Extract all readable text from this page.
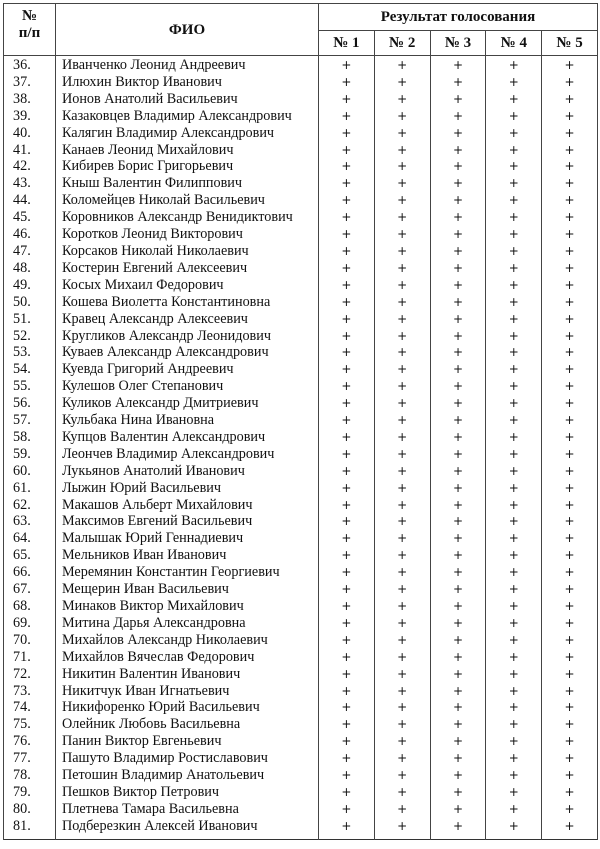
№
п/п	ФИО	Результат голосования				
		№ 1	№ 2	№ 3	№ 4	№ 5
36.	Иванченко Леонид Андреевич	+	+	+	+	+
37.	Илюхин Виктор Иванович	+	+	+	+	+
38.	Ионов Анатолий Васильевич	+	+	+	+	+
39.	Казаковцев Владимир Александрович	+	+	+	+	+
40.	Калягин Владимир Александрович	+	+	+	+	+
41.	Канаев Леонид Михайлович	+	+	+	+	+
42.	Кибирев Борис Григорьевич	+	+	+	+	+
43.	Кныш Валентин Филиппович	+	+	+	+	+
44.	Коломейцев Николай Васильевич	+	+	+	+	+
45.	Коровников Александр Венидиктович	+	+	+	+	+
46.	Коротков Леонид Викторович	+	+	+	+	+
47.	Корсаков Николай Николаевич	+	+	+	+	+
48.	Костерин Евгений Алексеевич	+	+	+	+	+
49.	Косых Михаил Федорович	+	+	+	+	+
50.	Кошева Виолетта Константиновна	+	+	+	+	+
51.	Кравец Александр Алексеевич	+	+	+	+	+
52.	Кругликов Александр Леонидович	+	+	+	+	+
53.	Куваев Александр Александрович	+	+	+	+	+
54.	Куевда Григорий Андреевич	+	+	+	+	+
55.	Кулешов Олег Степанович	+	+	+	+	+
56.	Куликов Александр Дмитриевич	+	+	+	+	+
57.	Кульбака Нина Ивановна	+	+	+	+	+
58.	Купцов Валентин Александрович	+	+	+	+	+
59.	Леончев Владимир Александрович	+	+	+	+	+
60.	Лукьянов Анатолий Иванович	+	+	+	+	+
61.	Лыжин Юрий Васильевич	+	+	+	+	+
62.	Макашов Альберт Михайлович	+	+	+	+	+
63.	Максимов Евгений Васильевич	+	+	+	+	+
64.	Малышак Юрий Геннадиевич	+	+	+	+	+
65.	Мельников Иван Иванович	+	+	+	+	+
66.	Меремянин Константин Георгиевич	+	+	+	+	+
67.	Мещерин Иван Васильевич	+	+	+	+	+
68.	Минаков Виктор Михайлович	+	+	+	+	+
69.	Митина Дарья Александровна	+	+	+	+	+
70.	Михайлов Александр Николаевич	+	+	+	+	+
71.	Михайлов Вячеслав Федорович	+	+	+	+	+
72.	Никитин Валентин Иванович	+	+	+	+	+
73.	Никитчук Иван Игнатьевич	+	+	+	+	+
74.	Никифоренко Юрий Васильевич	+	+	+	+	+
75.	Олейник Любовь Васильевна	+	+	+	+	+
76.	Панин Виктор Евгеньевич	+	+	+	+	+
77.	Пашуто Владимир Ростиславович	+	+	+	+	+
78.	Петошин Владимир Анатольевич	+	+	+	+	+
79.	Пешков Виктор Петрович	+	+	+	+	+
80.	Плетнева Тамара Васильевна	+	+	+	+	+
81.	Подберезкин Алексей Иванович	+	+	+	+	+
